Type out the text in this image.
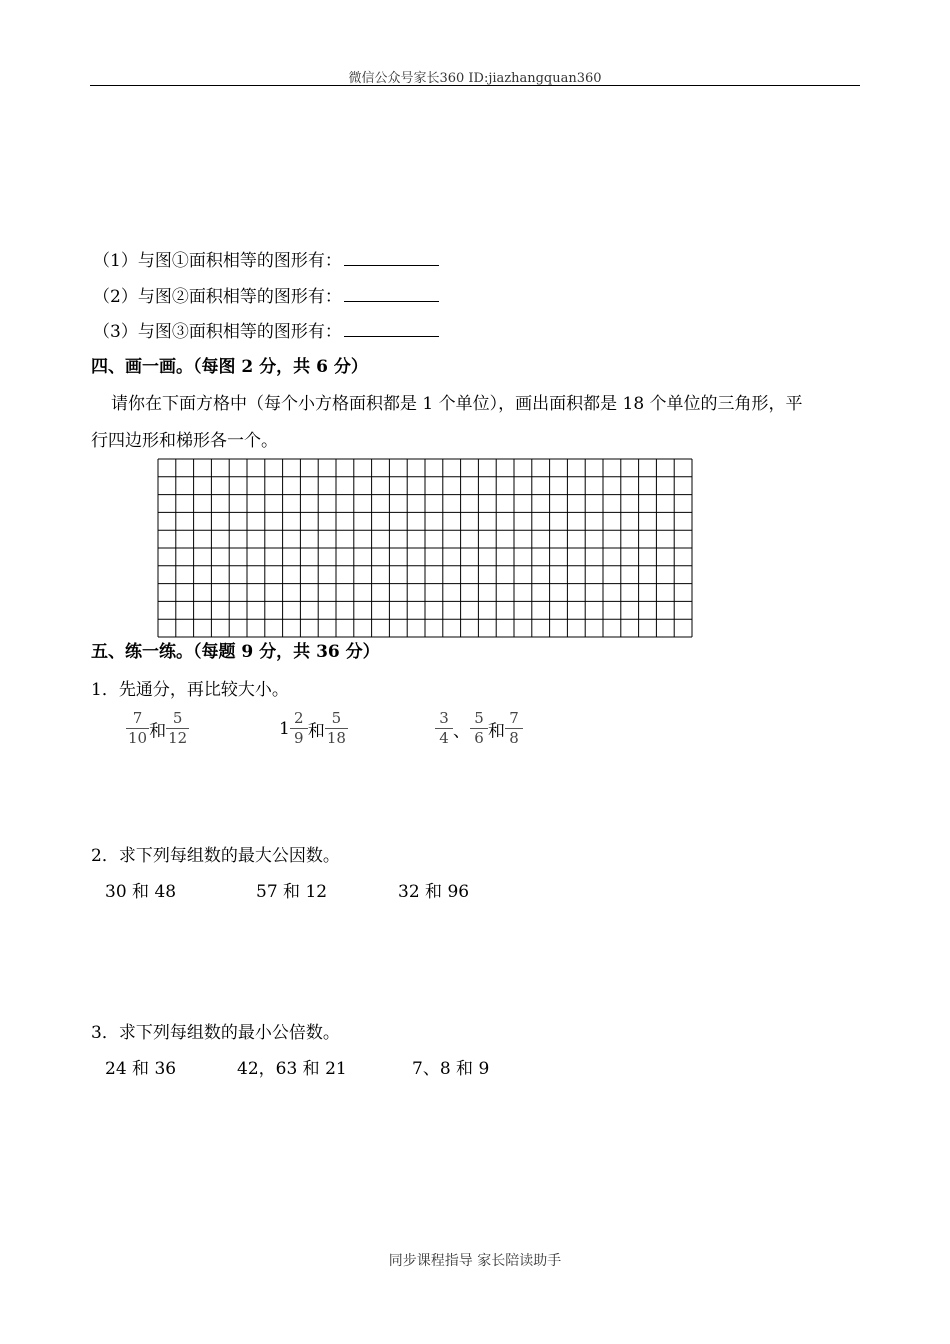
微信公众号家长360 ID:jiazhangquan360
（1）与图①面积相等的图形有：
（2）与图②面积相等的图形有：
（3）与图③面积相等的图形有：
四、画一画。（每图 2 分，共 6 分）
请你在下面方格中（每个小方格面积都是 1 个单位），画出面积都是 18 个单位的三角形，平
行四边形和梯形各一个。
五、练一练。（每题 9 分，共 36 分）
1．先通分，再比较大小。
$\frac{7}{10}$ 和 $\frac{5}{12}$	$1 \frac{2}{9}$ 和 $\frac{5}{18}$	$\frac{3}{4}$ 、 $\frac{5}{6}$ 和 $\frac{7}{8}$
2．求下列每组数的最大公因数。
30 和 48	57 和 12	32 和 96
3．求下列每组数的最小公倍数。
24 和 36	42，63 和 21	7、8 和 9
同步课程指导 家长陪读助手
